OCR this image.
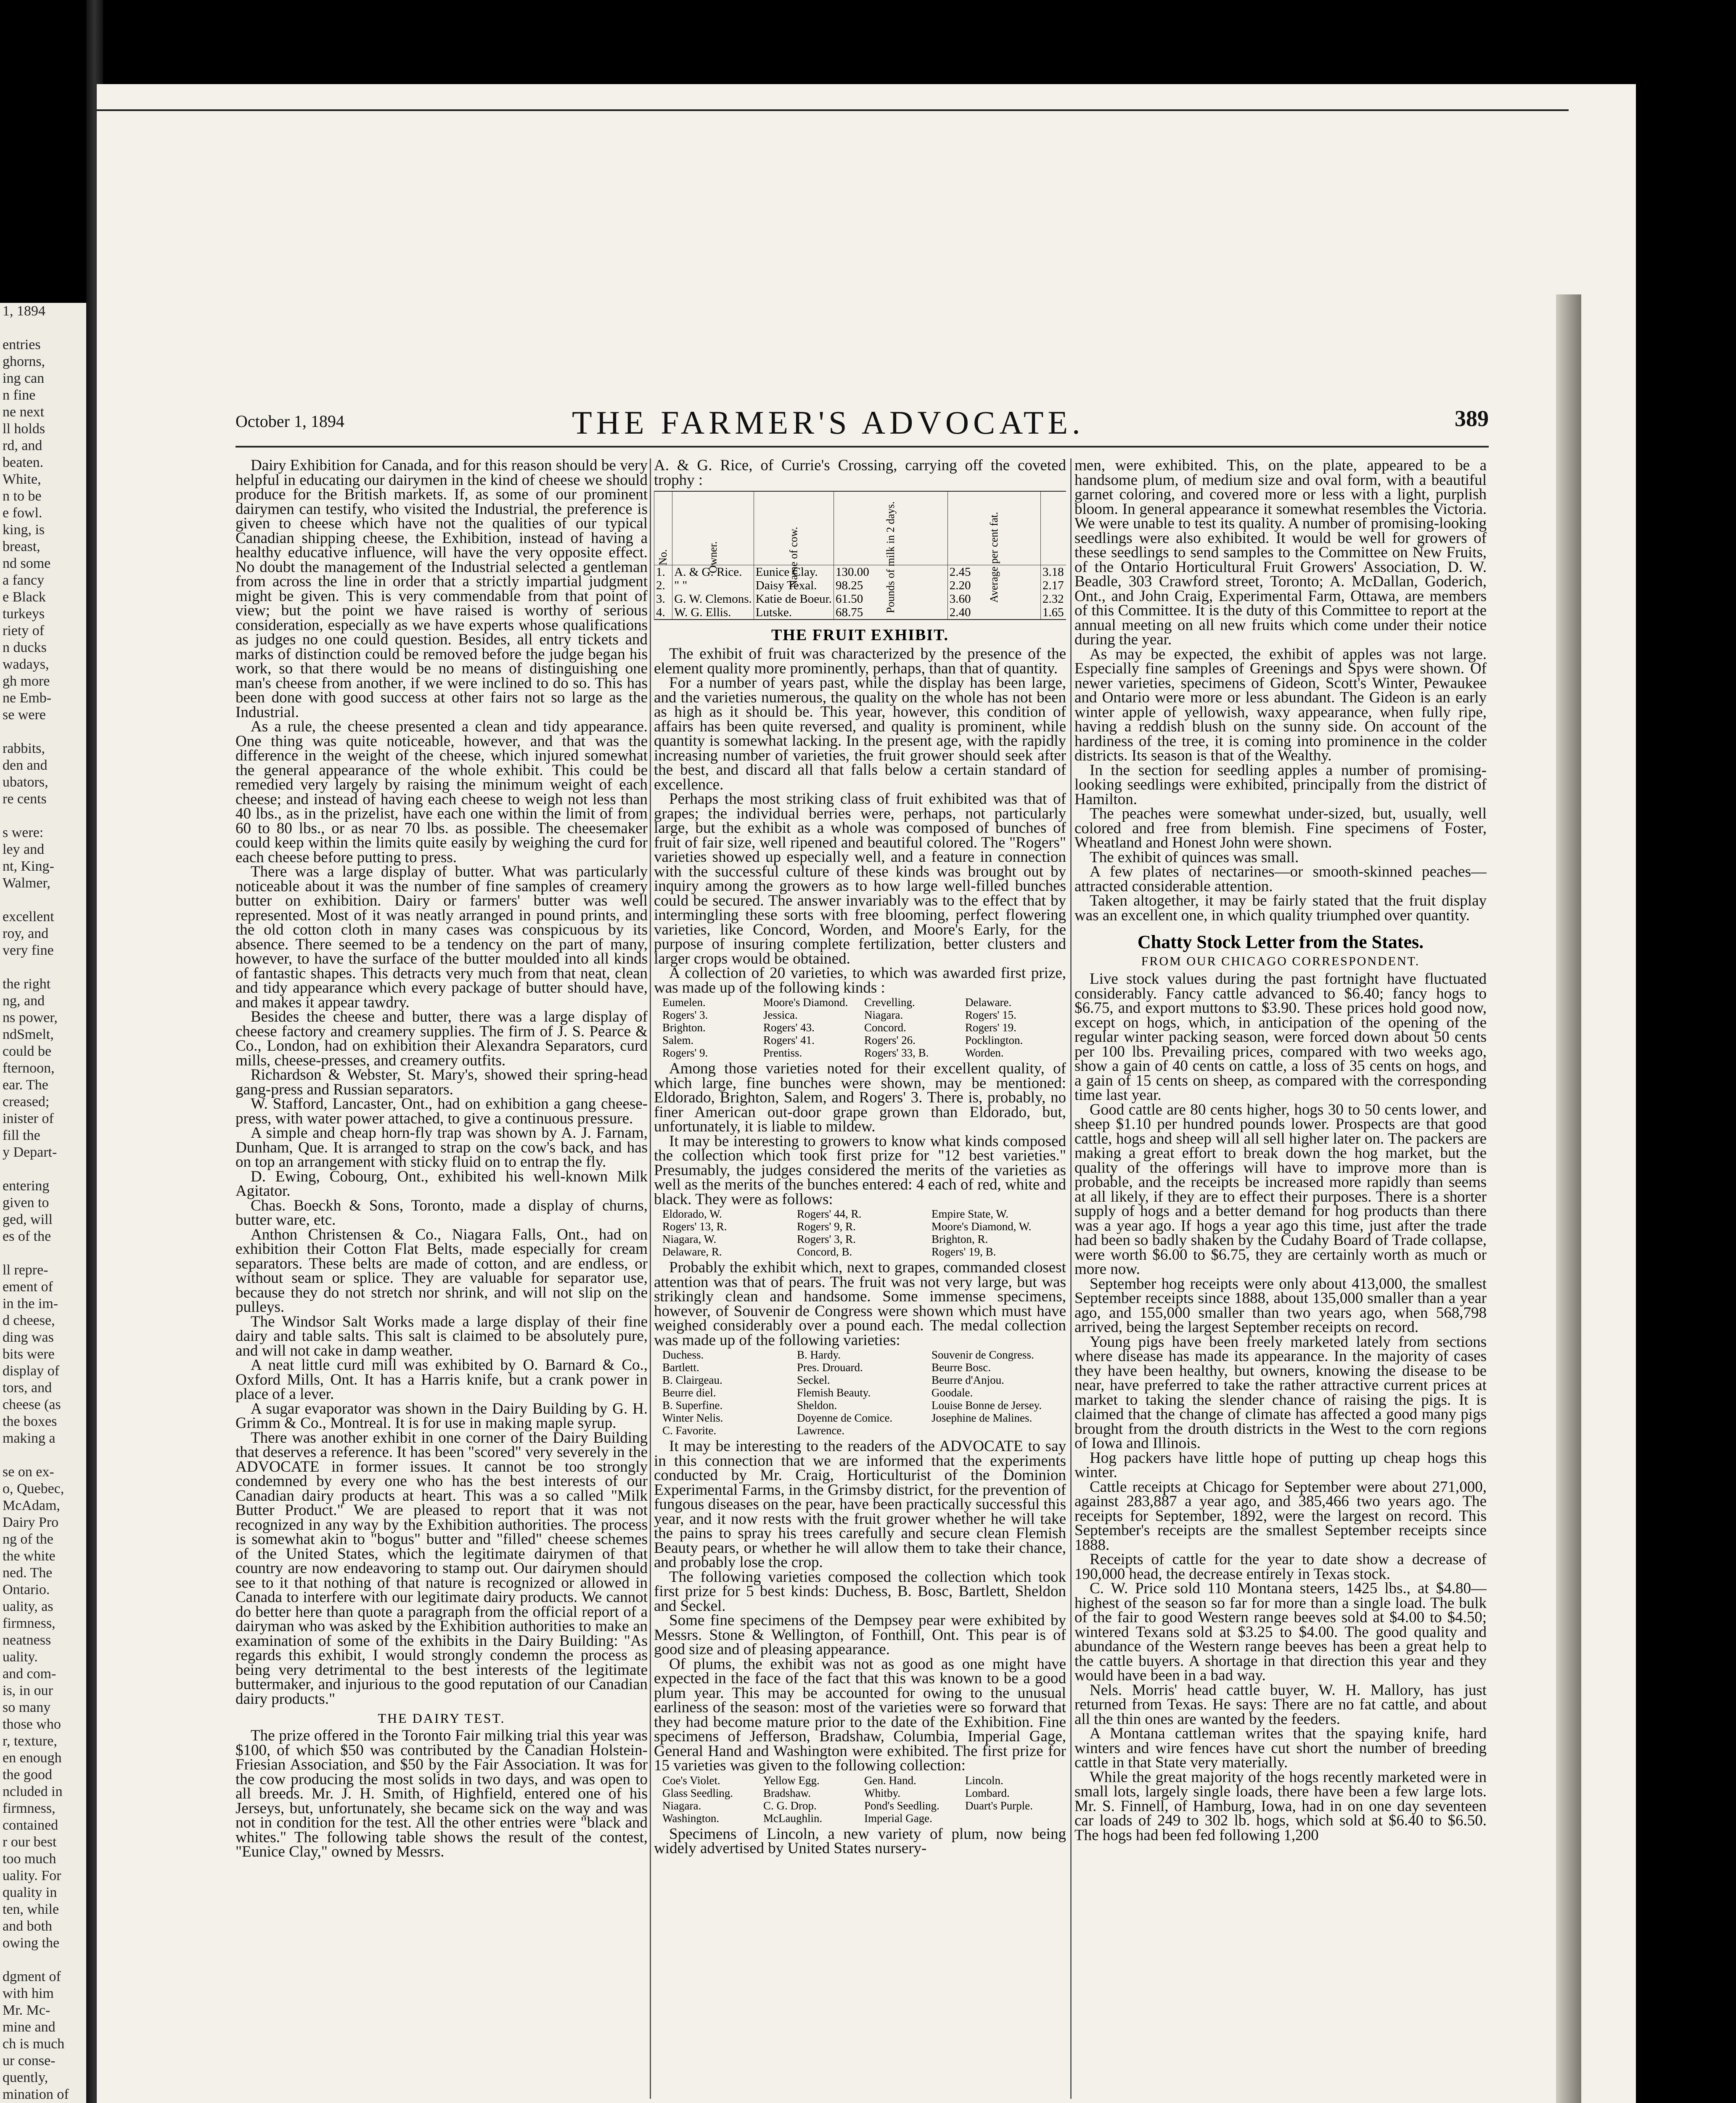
1, 1894
entries
ghorns,
ing can
n fine
ne next
ll holds
rd, and
beaten.
White,
n to be
e fowl.
king, is
breast,
nd some
a fancy
e Black
turkeys
riety of
n ducks
wadays,
gh more
ne Emb-
se were
rabbits,
den and
ubators,
re cents
s were:
ley and
nt, King-
Walmer,
excellent
roy, and
very fine
the right
ng, and
ns power,
ndSmelt,
could be
fternoon,
ear. The
creased;
inister of
fill the
y Depart-
entering
given to
ged, will
es of the
ll repre-
ement of
in the im-
d cheese,
ding was
bits were
display of
tors, and
cheese (as
the boxes
making a
se on ex-
o, Quebec,
McAdam,
Dairy Pro
ng of the
the white
ned. The
Ontario.
uality, as
firmness,
neatness
uality.
and com-
is, in our
so many
those who
r, texture,
en enough
the good
ncluded in
firmness,
contained
r our best
too much
uality. For
quality in
ten, while
and both
owing the
dgment of
with him
Mr. Mc-
mine and
ch is much
ur conse-
quently,
mination of
October 1, 1894	THE FARMER'S ADVOCATE.	389

Dairy Exhibition for Canada, and for this reason should be very helpful in educating our dairymen in the kind of cheese we should produce for the British markets. If, as some of our prominent dairymen can testify, who visited the Industrial, the preference is given to cheese which have not the qualities of our typical Canadian shipping cheese, the Exhibition, instead of having a healthy educative influence, will have the very opposite effect. No doubt the management of the Industrial selected a gentleman from across the line in order that a strictly impartial judgment might be given. This is very commendable from that point of view; but the point we have raised is worthy of serious consideration, especially as we have experts whose qualifications as judges no one could question. Besides, all entry tickets and marks of distinction could be removed before the judge began his work, so that there would be no means of distinguishing one man's cheese from another, if we were inclined to do so. This has been done with good success at other fairs not so large as the Industrial.

As a rule, the cheese presented a clean and tidy appearance. One thing was quite noticeable, however, and that was the difference in the weight of the cheese, which injured somewhat the general appearance of the whole exhibit. This could be remedied very largely by raising the minimum weight of each cheese; and instead of having each cheese to weigh not less than 40 lbs., as in the prizelist, have each one within the limit of from 60 to 80 lbs., or as near 70 lbs. as possible. The cheesemaker could keep within the limits quite easily by weighing the curd for each cheese before putting to press.

There was a large display of butter. What was particularly noticeable about it was the number of fine samples of creamery butter on exhibition. Dairy or farmers' butter was well represented. Most of it was neatly arranged in pound prints, and the old cotton cloth in many cases was conspicuous by its absence. There seemed to be a tendency on the part of many, however, to have the surface of the butter moulded into all kinds of fantastic shapes. This detracts very much from that neat, clean and tidy appearance which every package of butter should have, and makes it appear tawdry.

Besides the cheese and butter, there was a large display of cheese factory and creamery supplies. The firm of J. S. Pearce & Co., London, had on exhibition their Alexandra Separators, curd mills, cheese-presses, and creamery outfits.

Richardson & Webster, St. Mary's, showed their spring-head gang-press and Russian separators.

W. Stafford, Lancaster, Ont., had on exhibition a gang cheese-press, with water power attached, to give a continuous pressure.

A simple and cheap horn-fly trap was shown by A. J. Farnam, Dunham, Que. It is arranged to strap on the cow's back, and has on top an arrangement with sticky fluid on to entrap the fly.

D. Ewing, Cobourg, Ont., exhibited his well-known Milk Agitator.

Chas. Boeckh & Sons, Toronto, made a display of churns, butter ware, etc.

Anthon Christensen & Co., Niagara Falls, Ont., had on exhibition their Cotton Flat Belts, made especially for cream separators. These belts are made of cotton, and are endless, or without seam or splice. They are valuable for separator use, because they do not stretch nor shrink, and will not slip on the pulleys.

The Windsor Salt Works made a large display of their fine dairy and table salts. This salt is claimed to be absolutely pure, and will not cake in damp weather.

A neat little curd mill was exhibited by O. Barnard & Co., Oxford Mills, Ont. It has a Harris knife, but a crank power in place of a lever.

A sugar evaporator was shown in the Dairy Building by G. H. Grimm & Co., Montreal. It is for use in making maple syrup.

There was another exhibit in one corner of the Dairy Building that deserves a reference. It has been "scored" very severely in the ADVOCATE in former issues. It cannot be too strongly condemned by every one who has the best interests of our Canadian dairy products at heart. This was a so called "Milk Butter Product." We are pleased to report that it was not recognized in any way by the Exhibition authorities. The process is somewhat akin to "bogus" butter and "filled" cheese schemes of the United States, which the legitimate dairymen of that country are now endeavoring to stamp out. Our dairymen should see to it that nothing of that nature is recognized or allowed in Canada to interfere with our legitimate dairy products. We cannot do better here than quote a paragraph from the official report of a dairyman who was asked by the Exhibition authorities to make an examination of some of the exhibits in the Dairy Building: "As regards this exhibit, I would strongly condemn the process as being very detrimental to the best interests of the legitimate buttermaker, and injurious to the good reputation of our Canadian dairy products."

THE DAIRY TEST.

The prize offered in the Toronto Fair milking trial this year was $100, of which $50 was contributed by the Canadian Holstein-Friesian Association, and $50 by the Fair Association. It was for the cow producing the most solids in two days, and was open to all breeds. Mr. J. H. Smith, of Highfield, entered one of his Jerseys, but, unfortunately, she became sick on the way and was not in condition for the test. All the other entries were "black and whites." The following table shows the result of the contest, "Eunice Clay," owned by Messrs.

A. & G. Rice, of Currie's Crossing, carrying off the coveted trophy :

No.	Owner.	Name of cow.	Pounds of milk in 2 days.	Average per cent fat.			
1.	A. & G. Rice.	Eunice Clay.	130.00	2.45	3.18		
2.	" "	Daisy Texal.	98.25	2.20	2.17		
3.	G. W. Clemons.	Katie de Boeur.	61.50	3.60	2.32		
4.	W. G. Ellis.	Lutske.	68.75	2.40	1.65		
THE FRUIT EXHIBIT.

The exhibit of fruit was characterized by the presence of the element quality more prominently, perhaps, than that of quantity.

For a number of years past, while the display has been large, and the varieties numerous, the quality on the whole has not been as high as it should be. This year, however, this condition of affairs has been quite reversed, and quality is prominent, while quantity is somewhat lacking. In the present age, with the rapidly increasing number of varieties, the fruit grower should seek after the best, and discard all that falls below a certain standard of excellence.

Perhaps the most striking class of fruit exhibited was that of grapes; the individual berries were, perhaps, not particularly large, but the exhibit as a whole was composed of bunches of fruit of fair size, well ripened and beautiful colored. The "Rogers" varieties showed up especially well, and a feature in connection with the successful culture of these kinds was brought out by inquiry among the growers as to how large well-filled bunches could be secured. The answer invariably was to the effect that by intermingling these sorts with free blooming, perfect flowering varieties, like Concord, Worden, and Moore's Early, for the purpose of insuring complete fertilization, better clusters and larger crops would be obtained.

A collection of 20 varieties, to which was awarded first prize, was made up of the following kinds :

Eumelen.	Moore's Diamond.	Crevelling.	Delaware.
Rogers' 3.	Jessica.	Niagara.	Rogers' 15.
Brighton.	Rogers' 43.	Concord.	Rogers' 19.
Salem.	Rogers' 41.	Rogers' 26.	Pocklington.
Rogers' 9.	Prentiss.	Rogers' 33, B.	Worden.

Among those varieties noted for their excellent quality, of which large, fine bunches were shown, may be mentioned: Eldorado, Brighton, Salem, and Rogers' 3. There is, probably, no finer American out-door grape grown than Eldorado, but, unfortunately, it is liable to mildew.

It may be interesting to growers to know what kinds composed the collection which took first prize for "12 best varieties." Presumably, the judges considered the merits of the varieties as well as the merits of the bunches entered: 4 each of red, white and black. They were as follows:

Eldorado, W.	Rogers' 44, R.	Empire State, W.
Rogers' 13, R.	Rogers' 9, R.	Moore's Diamond, W.
Niagara, W.	Rogers' 3, R.	Brighton, R.
Delaware, R.	Concord, B.	Rogers' 19, B.

Probably the exhibit which, next to grapes, commanded closest attention was that of pears. The fruit was not very large, but was strikingly clean and handsome. Some immense specimens, however, of Souvenir de Congress were shown which must have weighed considerably over a pound each. The medal collection was made up of the following varieties:

Duchess.	B. Hardy.	Souvenir de Congress.
Bartlett.	Pres. Drouard.	Beurre Bosc.
B. Clairgeau.	Seckel.	Beurre d'Anjou.
Beurre diel.	Flemish Beauty.	Goodale.
B. Superfine.	Sheldon.	Louise Bonne de Jersey.
Winter Nelis.	Doyenne de Comice.	Josephine de Malines.
C. Favorite.	Lawrence.

It may be interesting to the readers of the ADVOCATE to say in this connection that we are informed that the experiments conducted by Mr. Craig, Horticulturist of the Dominion Experimental Farms, in the Grimsby district, for the prevention of fungous diseases on the pear, have been practically successful this year, and it now rests with the fruit grower whether he will take the pains to spray his trees carefully and secure clean Flemish Beauty pears, or whether he will allow them to take their chance, and probably lose the crop.

The following varieties composed the collection which took first prize for 5 best kinds: Duchess, B. Bosc, Bartlett, Sheldon and Seckel.

Some fine specimens of the Dempsey pear were exhibited by Messrs. Stone & Wellington, of Fonthill, Ont. This pear is of good size and of pleasing appearance.

Of plums, the exhibit was not as good as one might have expected in the face of the fact that this was known to be a good plum year. This may be accounted for owing to the unusual earliness of the season: most of the varieties were so forward that they had become mature prior to the date of the Exhibition. Fine specimens of Jefferson, Bradshaw, Columbia, Imperial Gage, General Hand and Washington were exhibited. The first prize for 15 varieties was given to the following collection:

Coe's Violet.	Yellow Egg.	Gen. Hand.	Lincoln.
Glass Seedling.	Bradshaw.	Whitby.	Lombard.
Niagara.	C. G. Drop.	Pond's Seedling.	Duart's Purple.
Washington.	McLaughlin.	Imperial Gage.

Specimens of Lincoln, a new variety of plum, now being widely advertised by United States nursery-

men, were exhibited. This, on the plate, appeared to be a handsome plum, of medium size and oval form, with a beautiful garnet coloring, and covered more or less with a light, purplish bloom. In general appearance it somewhat resembles the Victoria. We were unable to test its quality. A number of promising-looking seedlings were also exhibited. It would be well for growers of these seedlings to send samples to the Committee on New Fruits, of the Ontario Horticultural Fruit Growers' Association, D. W. Beadle, 303 Crawford street, Toronto; A. McDallan, Goderich, Ont., and John Craig, Experimental Farm, Ottawa, are members of this Committee. It is the duty of this Committee to report at the annual meeting on all new fruits which come under their notice during the year.

As may be expected, the exhibit of apples was not large. Especially fine samples of Greenings and Spys were shown. Of newer varieties, specimens of Gideon, Scott's Winter, Pewaukee and Ontario were more or less abundant. The Gideon is an early winter apple of yellowish, waxy appearance, when fully ripe, having a reddish blush on the sunny side. On account of the hardiness of the tree, it is coming into prominence in the colder districts. Its season is that of the Wealthy.

In the section for seedling apples a number of promising-looking seedlings were exhibited, principally from the district of Hamilton.

The peaches were somewhat under-sized, but, usually, well colored and free from blemish. Fine specimens of Foster, Wheatland and Honest John were shown.

The exhibit of quinces was small.

A few plates of nectarines—or smooth-skinned peaches—attracted considerable attention.

Taken altogether, it may be fairly stated that the fruit display was an excellent one, in which quality triumphed over quantity.

Chatty Stock Letter from the States.
FROM OUR CHICAGO CORRESPONDENT.

Live stock values during the past fortnight have fluctuated considerably. Fancy cattle advanced to $6.40; fancy hogs to $6.75, and export muttons to $3.90. These prices hold good now, except on hogs, which, in anticipation of the opening of the regular winter packing season, were forced down about 50 cents per 100 lbs. Prevailing prices, compared with two weeks ago, show a gain of 40 cents on cattle, a loss of 35 cents on hogs, and a gain of 15 cents on sheep, as compared with the corresponding time last year.

Good cattle are 80 cents higher, hogs 30 to 50 cents lower, and sheep $1.10 per hundred pounds lower. Prospects are that good cattle, hogs and sheep will all sell higher later on. The packers are making a great effort to break down the hog market, but the quality of the offerings will have to improve more than is probable, and the receipts be increased more rapidly than seems at all likely, if they are to effect their purposes. There is a shorter supply of hogs and a better demand for hog products than there was a year ago. If hogs a year ago this time, just after the trade had been so badly shaken by the Cudahy Board of Trade collapse, were worth $6.00 to $6.75, they are certainly worth as much or more now.

September hog receipts were only about 413,000, the smallest September receipts since 1888, about 135,000 smaller than a year ago, and 155,000 smaller than two years ago, when 568,798 arrived, being the largest September receipts on record.

Young pigs have been freely marketed lately from sections where disease has made its appearance. In the majority of cases they have been healthy, but owners, knowing the disease to be near, have preferred to take the rather attractive current prices at market to taking the slender chance of raising the pigs. It is claimed that the change of climate has affected a good many pigs brought from the drouth districts in the West to the corn regions of Iowa and Illinois.

Hog packers have little hope of putting up cheap hogs this winter.

Cattle receipts at Chicago for September were about 271,000, against 283,887 a year ago, and 385,466 two years ago. The receipts for September, 1892, were the largest on record. This September's receipts are the smallest September receipts since 1888.

Receipts of cattle for the year to date show a decrease of 190,000 head, the decrease entirely in Texas stock.

C. W. Price sold 110 Montana steers, 1425 lbs., at $4.80—highest of the season so far for more than a single load. The bulk of the fair to good Western range beeves sold at $4.00 to $4.50; wintered Texans sold at $3.25 to $4.00. The good quality and abundance of the Western range beeves has been a great help to the cattle buyers. A shortage in that direction this year and they would have been in a bad way.

Nels. Morris' head cattle buyer, W. H. Mallory, has just returned from Texas. He says: There are no fat cattle, and about all the thin ones are wanted by the feeders.

A Montana cattleman writes that the spaying knife, hard winters and wire fences have cut short the number of breeding cattle in that State very materially.

While the great majority of the hogs recently marketed were in small lots, largely single loads, there have been a few large lots. Mr. S. Finnell, of Hamburg, Iowa, had in on one day seventeen car loads of 249 to 302 lb. hogs, which sold at $6.40 to $6.50. The hogs had been fed following 1,200
